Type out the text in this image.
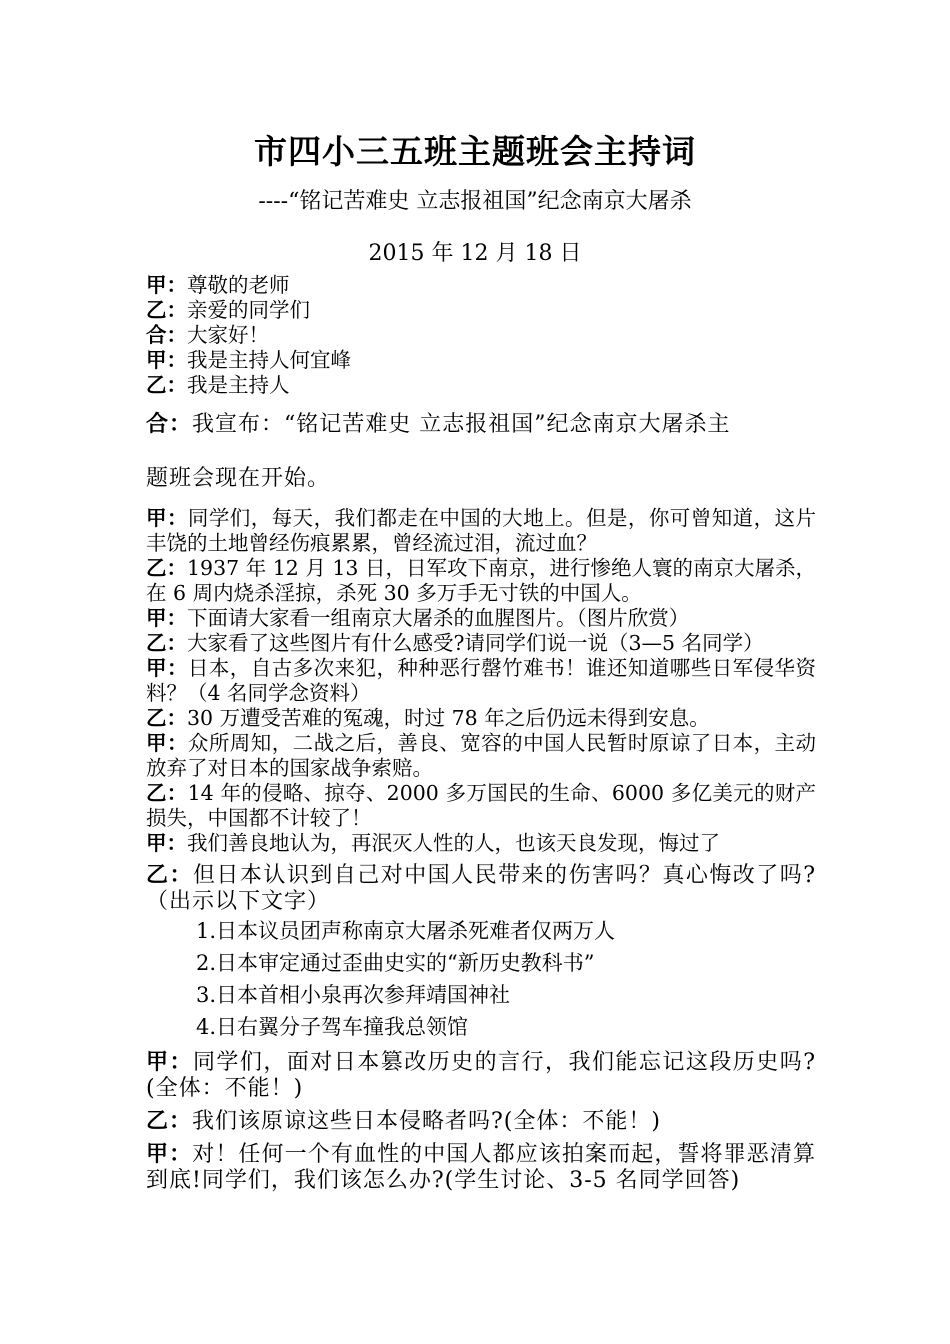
市四小三五班主题班会主持词
----“铭记苦难史 立志报祖国”纪念南京大屠杀
2015 年 12 月 18 日

甲：尊敬的老师

乙：亲爱的同学们

合：大家好！

甲：我是主持人何宜峰

乙：我是主持人

合：我宣布：“铭记苦难史 立志报祖国”纪念南京大屠杀主

题班会现在开始。

甲：同学们，每天，我们都走在中国的大地上。但是，你可曾知道，这片丰饶的土地曾经伤痕累累，曾经流过泪，流过血？

乙：1937 年 12 月 13 日，日军攻下南京，进行惨绝人寰的南京大屠杀，在 6 周内烧杀淫掠，杀死 30 多万手无寸铁的中国人。

甲：下面请大家看一组南京大屠杀的血腥图片。（图片欣赏）

乙：大家看了这些图片有什么感受?请同学们说一说（3—5 名同学）

甲：日本，自古多次来犯，种种恶行罄竹难书！谁还知道哪些日军侵华资料？（4 名同学念资料）

乙：30 万遭受苦难的冤魂，时过 78 年之后仍远未得到安息。

甲：众所周知，二战之后，善良、宽容的中国人民暂时原谅了日本，主动放弃了对日本的国家战争索赔。

乙：14 年的侵略、掠夺、2000 多万国民的生命、6000 多亿美元的财产损失，中国都不计较了！

甲：我们善良地认为，再泯灭人性的人，也该天良发现，悔过了

乙：但日本认识到自己对中国人民带来的伤害吗？真心悔改了吗?（出示以下文字）

1.日本议员团声称南京大屠杀死难者仅两万人

2.日本审定通过歪曲史实的“新历史教科书”

3.日本首相小泉再次参拜靖国神社

4.日右翼分子驾车撞我总领馆

甲：同学们，面对日本篡改历史的言行，我们能忘记这段历史吗?(全体：不能！)

乙：我们该原谅这些日本侵略者吗?(全体：不能！)

甲：对！任何一个有血性的中国人都应该拍案而起，誓将罪恶清算到底!同学们，我们该怎么办?(学生讨论、3-5 名同学回答)
